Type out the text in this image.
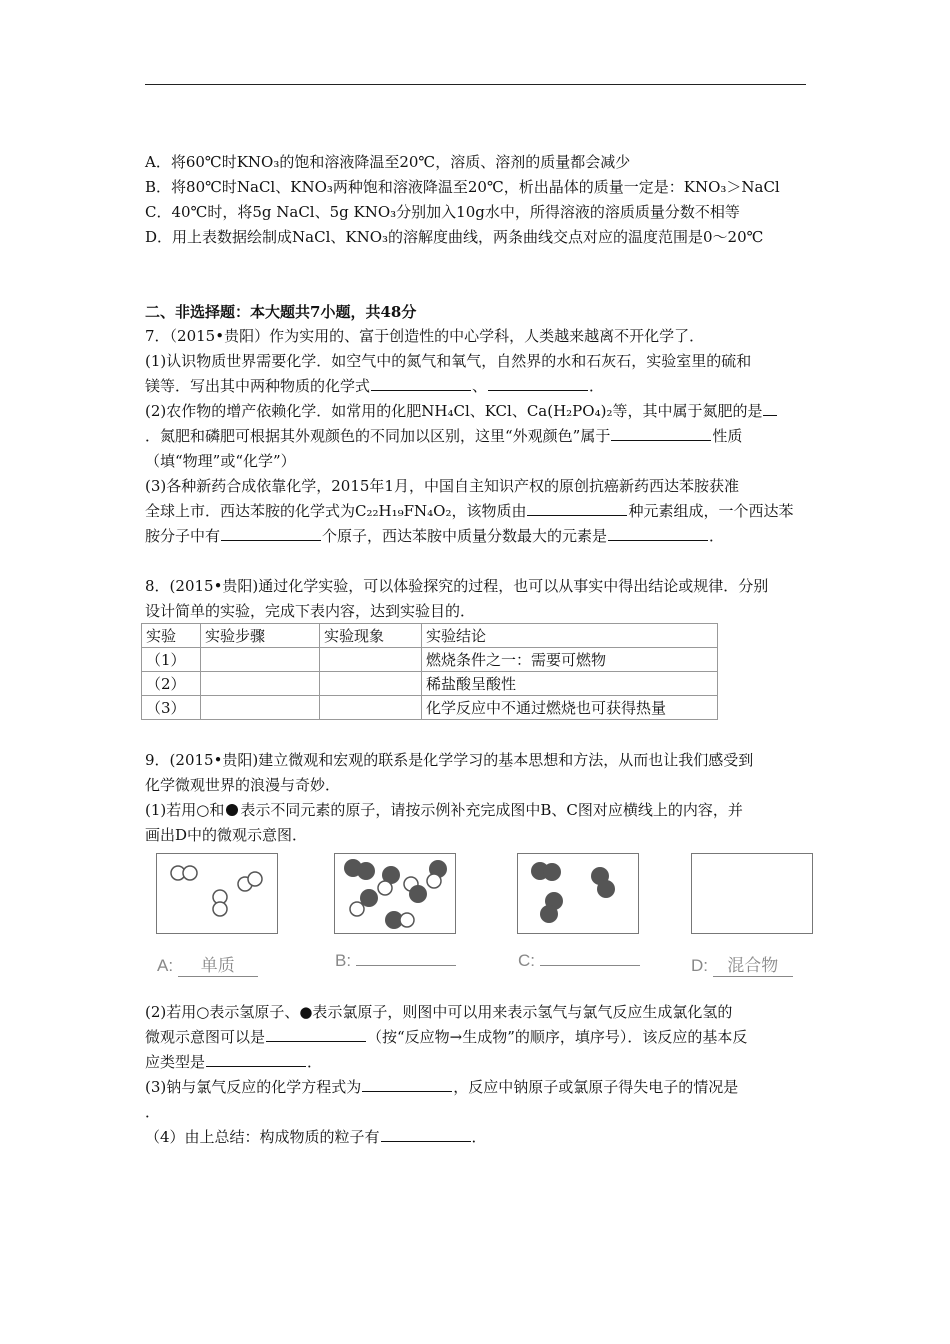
A．将60℃时KNO₃的饱和溶液降温至20℃，溶质、溶剂的质量都会减少
B．将80℃时NaCl、KNO₃两种饱和溶液降温至20℃，析出晶体的质量一定是：KNO₃＞NaCl
C．40℃时，将5g NaCl、5g KNO₃分别加入10g水中，所得溶液的溶质质量分数不相等
D．用上表数据绘制成NaCl、KNO₃的溶解度曲线，两条曲线交点对应的温度范围是0～20℃
二、非选择题：本大题共7小题，共48分
7．（2015•贵阳）作为实用的、富于创造性的中心学科，人类越来越离不开化学了．
(1)认识物质世界需要化学．如空气中的氮气和氧气，自然界的水和石灰石，实验室里的硫和
镁等．写出其中两种物质的化学式	、	．
(2)农作物的增产依赖化学．如常用的化肥NH₄Cl、KCl、Ca(H₂PO₄)₂等，其中属于氮肥的是
．氮肥和磷肥可根据其外观颜色的不同加以区别，这里“外观颜色”属于	性质
（填“物理”或“化学”）
(3)各种新药合成依靠化学，2015年1月，中国自主知识产权的原创抗癌新药西达苯胺获准
全球上市．西达苯胺的化学式为C₂₂H₁₉FN₄O₂，该物质由	种元素组成，一个西达苯
胺分子中有	个原子，西达苯胺中质量分数最大的元素是	．
8．(2015•贵阳)通过化学实验，可以体验探究的过程，也可以从事实中得出结论或规律．分别
设计简单的实验，完成下表内容，达到实验目的．
实验	实验步骤	实验现象	实验结论
（1）			燃烧条件之一：需要可燃物
（2）			稀盐酸呈酸性
（3）			化学反应中不通过燃烧也可获得热量
9．(2015•贵阳)建立微观和宏观的联系是化学学习的基本思想和方法，从而也让我们感受到
化学微观世界的浪漫与奇妙．
(1)若用○和 表示不同元素的原子，请按示例补充完成图中B、C图对应横线上的内容，并
画出D中的微观示意图．
A: 单质	B:	C:	D: 混合物
(2)若用○表示氢原子、●表示氯原子，则图中可以用来表示氢气与氯气反应生成氯化氢的
微观示意图可以是	（按“反应物→生成物”的顺序，填序号）．该反应的基本反
应类型是	．
(3)钠与氯气反应的化学方程式为	，反应中钠原子或氯原子得失电子的情况是
．
（4）由上总结：构成物质的粒子有	．
